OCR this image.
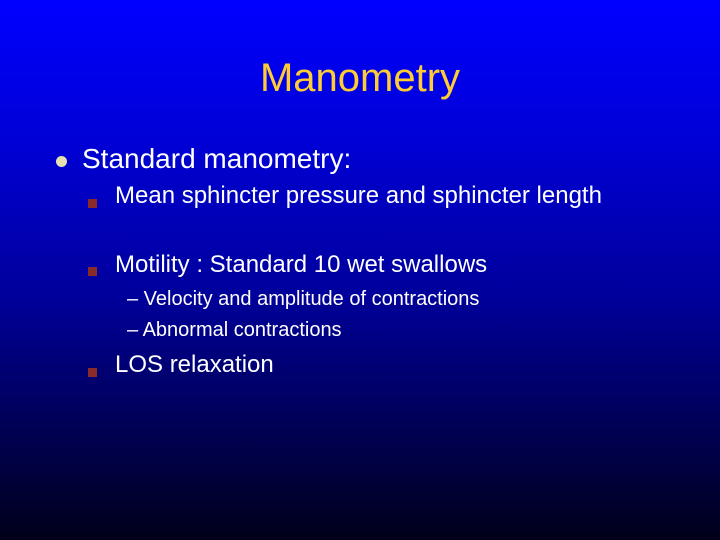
Manometry
Standard manometry:
Mean sphincter pressure and sphincter length
Motility : Standard 10 wet swallows
– Velocity and amplitude of contractions
– Abnormal contractions
LOS relaxation
